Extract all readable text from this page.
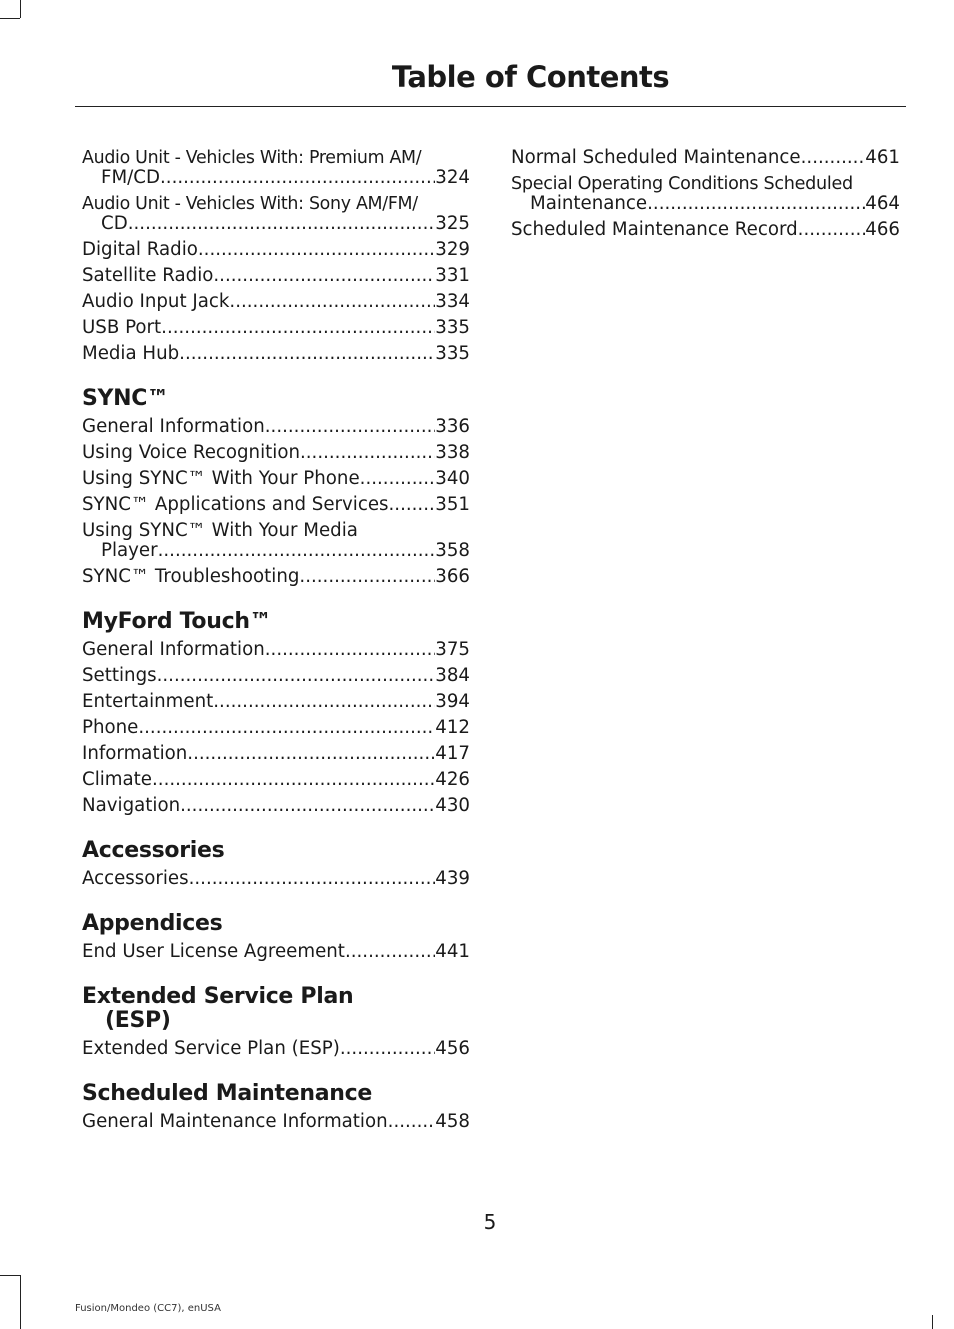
Table of Contents
Audio Unit - Vehicles With: Premium AM/
FM/CD .....	324
Audio Unit - Vehicles With: Sony AM/FM/
CD .....	325
Digital Radio .....	329
Satellite Radio .....	331
Audio Input Jack .....	334
USB Port .....	335
Media Hub .....	335
SYNC™
General Information .....	336
Using Voice Recognition .....	338
Using SYNC™ With Your Phone .....	340
SYNC™ Applications and Services .....	351
Using SYNC™ With Your Media
Player .....	358
SYNC™ Troubleshooting .....	366
MyFord Touch™
General Information .....	375
Settings .....	384
Entertainment .....	394
Phone .....	412
Information .....	417
Climate .....	426
Navigation .....	430
Accessories
Accessories .....	439
Appendices
End User License Agreement .....	441
Extended Service Plan
(ESP)
Extended Service Plan (ESP) .....	456
Scheduled Maintenance
General Maintenance Information .....	458
Normal Scheduled Maintenance .....	461
Special Operating Conditions Scheduled
Maintenance .....	464
Scheduled Maintenance Record .....	466
5
Fusion/Mondeo (CC7), enUSA
